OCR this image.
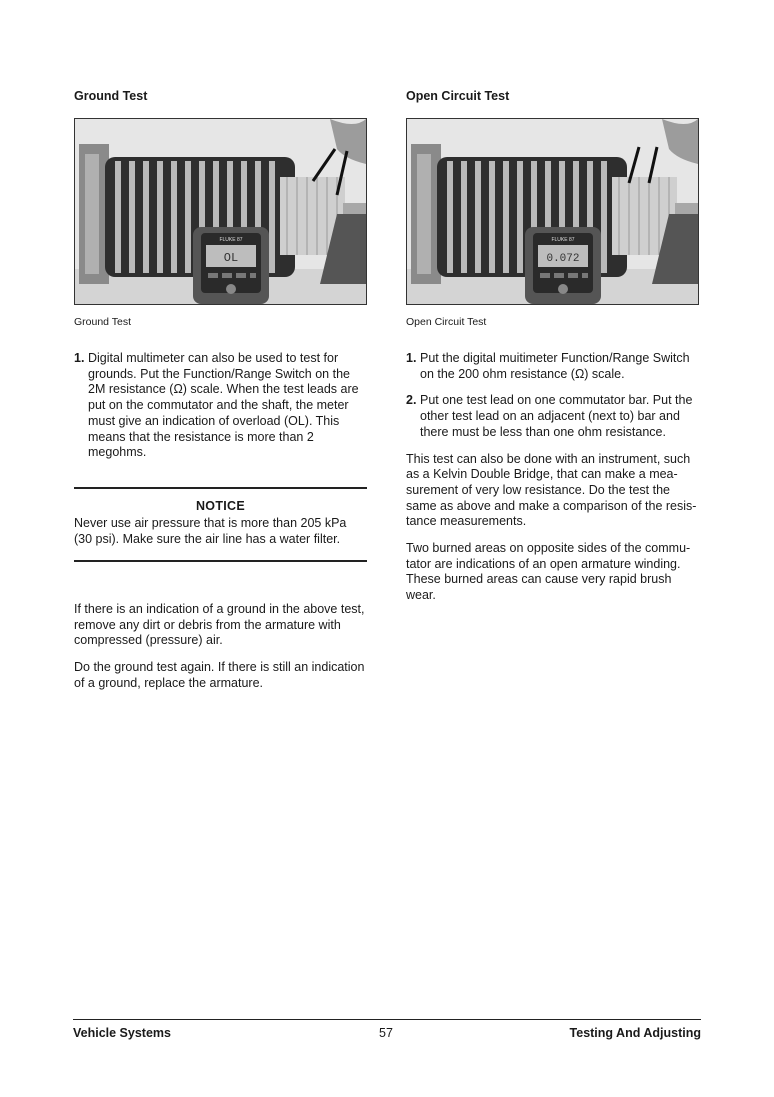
Ground Test
OL
FLUKE 87
Ground Test
1. Digital multimeter can also be used to test for grounds. Put the Function/Range Switch on the 2M resistance (Ω) scale. When the test leads are put on the commutator and the shaft, the meter must give an indication of overload (OL). This means that the resistance is more than 2 megohms.
NOTICE

Never use air pressure that is more than 205 kPa (30 psi). Make sure the air line has a water filter.

If there is an indication of a ground in the above test, remove any dirt or debris from the armature with compressed (pressure) air.

Do the ground test again. If there is still an indication of a ground, replace the armature.

Open Circuit Test
0.072
FLUKE 87
Open Circuit Test
1. Put the digital muitimeter Function/Range Switch on the 200 ohm resistance (Ω) scale.
2. Put one test lead on one commutator bar. Put the other test lead on an adjacent (next to) bar and there must be less than one ohm resistance.

This test can also be done with an instrument, such as a Kelvin Double Bridge, that can make a mea-surement of very low resistance. Do the test the same as above and make a comparison of the resis-tance measurements.

Two burned areas on opposite sides of the commu-tator are indications of an open armature winding. These burned areas can cause very rapid brush wear.

Vehicle Systems	57	Testing And Adjusting
